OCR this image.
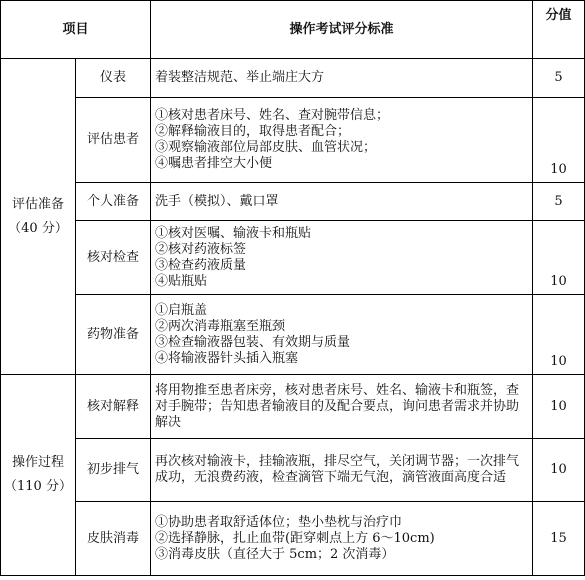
项目		操作考试评分标准	分值

评估准备
（40 分）	仪表	着装整洁规范、举止端庄大方	5
	评估患者	①核对患者床号、姓名、查对腕带信息；
②解释输液目的，取得患者配合；
③观察输液部位局部皮肤、血管状况；
④嘱患者排空大小便	10
	个人准备	洗手（模拟）、戴口罩	5
	核对检查	①核对医嘱、输液卡和瓶贴
②核对药液标签
③检查药液质量
④贴瓶贴	10
	药物准备	①启瓶盖
②两次消毒瓶塞至瓶颈
③检查输液器包装、有效期与质量
④将输液器针头插入瓶塞	10

操作过程
（110 分）	核对解释	将用物推至患者床旁，核对患者床号、姓名、输液卡和瓶签，查对手腕带；告知患者输液目的及配合要点，询问患者需求并协助解决	10
	初步排气	再次核对输液卡，挂输液瓶，排尽空气，关闭调节器；一次排气成功，无浪费药液，检查滴管下端无气泡，滴管液面高度合适	10
	皮肤消毒	①协助患者取舒适体位；垫小垫枕与治疗巾
②选择静脉，扎止血带(距穿刺点上方 6～10cm)
③消毒皮肤（直径大于 5cm；2 次消毒）	15
